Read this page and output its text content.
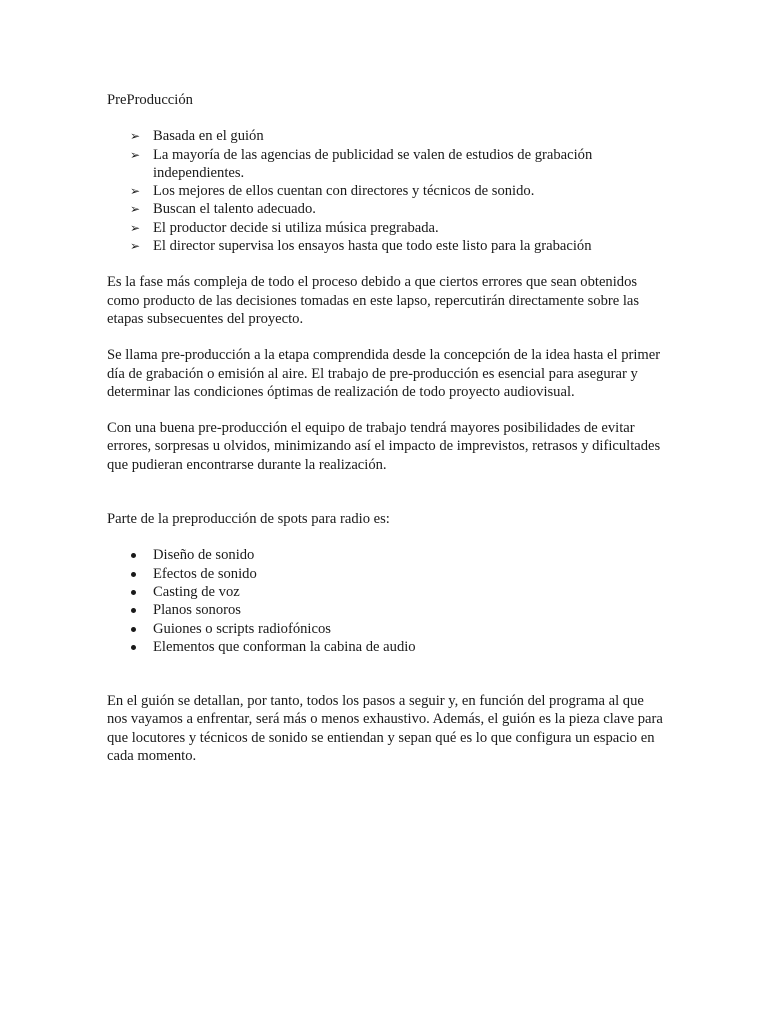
PreProducción

➢ Basada en el guión
➢ La mayoría de las agencias de publicidad se valen de estudios de grabación independientes.
➢ Los mejores de ellos cuentan con directores y técnicos de sonido.
➢ Buscan el talento adecuado.
➢ El productor decide si utiliza música pregrabada.
➢ El director supervisa los ensayos hasta que todo este listo para la grabación

Es la fase más compleja de todo el proceso debido a que ciertos errores que sean obtenidos como producto de las decisiones tomadas en este lapso, repercutirán directamente sobre las etapas subsecuentes del proyecto.

Se llama pre-producción a la etapa comprendida desde la concepción de la idea hasta el primer día de grabación o emisión al aire. El trabajo de pre-producción es esencial para asegurar y determinar las condiciones óptimas de realización de todo proyecto audiovisual.

Con una buena pre-producción el equipo de trabajo tendrá mayores posibilidades de evitar errores, sorpresas u olvidos, minimizando así el impacto de imprevistos, retrasos y dificultades que pudieran encontrarse durante la realización.

Parte de la preproducción de spots para radio es:

Diseño de sonido
Efectos de sonido
Casting de voz
Planos sonoros
Guiones o scripts radiofónicos
Elementos que conforman la cabina de audio

En el guión se detallan, por tanto, todos los pasos a seguir y, en función del programa al que nos vayamos a enfrentar, será más o menos exhaustivo. Además, el guión es la pieza clave para que locutores y técnicos de sonido se entiendan y sepan qué es lo que configura un espacio en cada momento.
